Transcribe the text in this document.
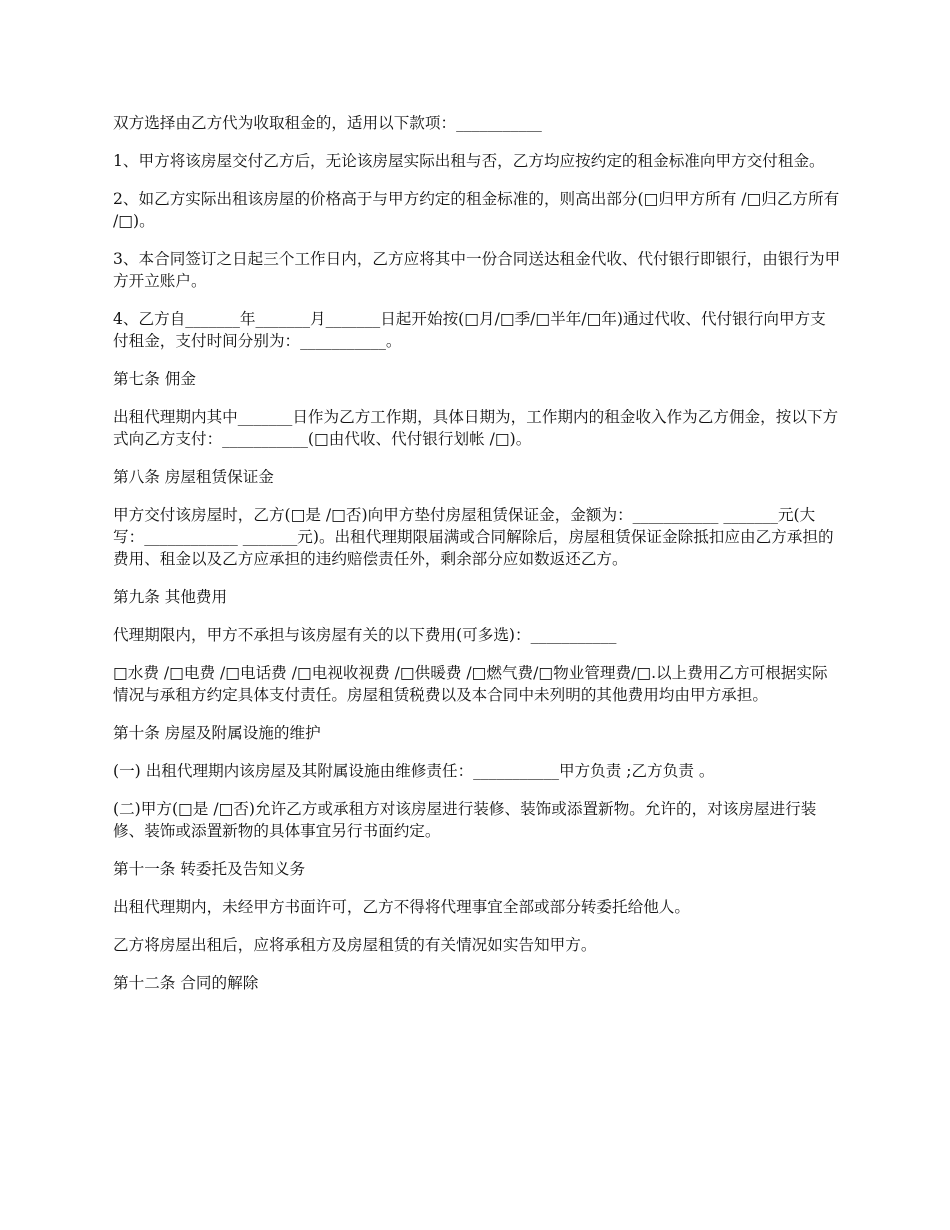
双方选择由乙方代为收取租金的，适用以下款项：___________

1、甲方将该房屋交付乙方后，无论该房屋实际出租与否，乙方均应按约定的租金标准向甲方交付租金。

2、如乙方实际出租该房屋的价格高于与甲方约定的租金标准的，则高出部分(□归甲方所有 /□归乙方所有 /□)。

3、本合同签订之日起三个工作日内，乙方应将其中一份合同送达租金代收、代付银行即银行，由银行为甲方开立账户。

4、乙方自_______年_______月_______日起开始按(□月/□季/□半年/□年)通过代收、代付银行向甲方支付租金，支付时间分别为：___________。

第七条 佣金

出租代理期内其中_______日作为乙方工作期，具体日期为，工作期内的租金收入作为乙方佣金，按以下方式向乙方支付：___________(□由代收、代付银行划帐 /□)。

第八条 房屋租赁保证金

甲方交付该房屋时，乙方(□是 /□否)向甲方垫付房屋租赁保证金，金额为：___________ _______元(大写：____________ _______元)。出租代理期限届满或合同解除后，房屋租赁保证金除抵扣应由乙方承担的费用、租金以及乙方应承担的违约赔偿责任外，剩余部分应如数返还乙方。

第九条 其他费用

代理期限内，甲方不承担与该房屋有关的以下费用(可多选)：___________

□水费 /□电费 /□电话费 /□电视收视费 /□供暖费 /□燃气费/□物业管理费/□.以上费用乙方可根据实际情况与承租方约定具体支付责任。房屋租赁税费以及本合同中未列明的其他费用均由甲方承担。

第十条 房屋及附属设施的维护

(一) 出租代理期内该房屋及其附属设施由维修责任：___________甲方负责 ;乙方负责 。

(二)甲方(□是 /□否)允许乙方或承租方对该房屋进行装修、装饰或添置新物。允许的，对该房屋进行装修、装饰或添置新物的具体事宜另行书面约定。

第十一条 转委托及告知义务

出租代理期内，未经甲方书面许可，乙方不得将代理事宜全部或部分转委托给他人。

乙方将房屋出租后，应将承租方及房屋租赁的有关情况如实告知甲方。

第十二条 合同的解除
